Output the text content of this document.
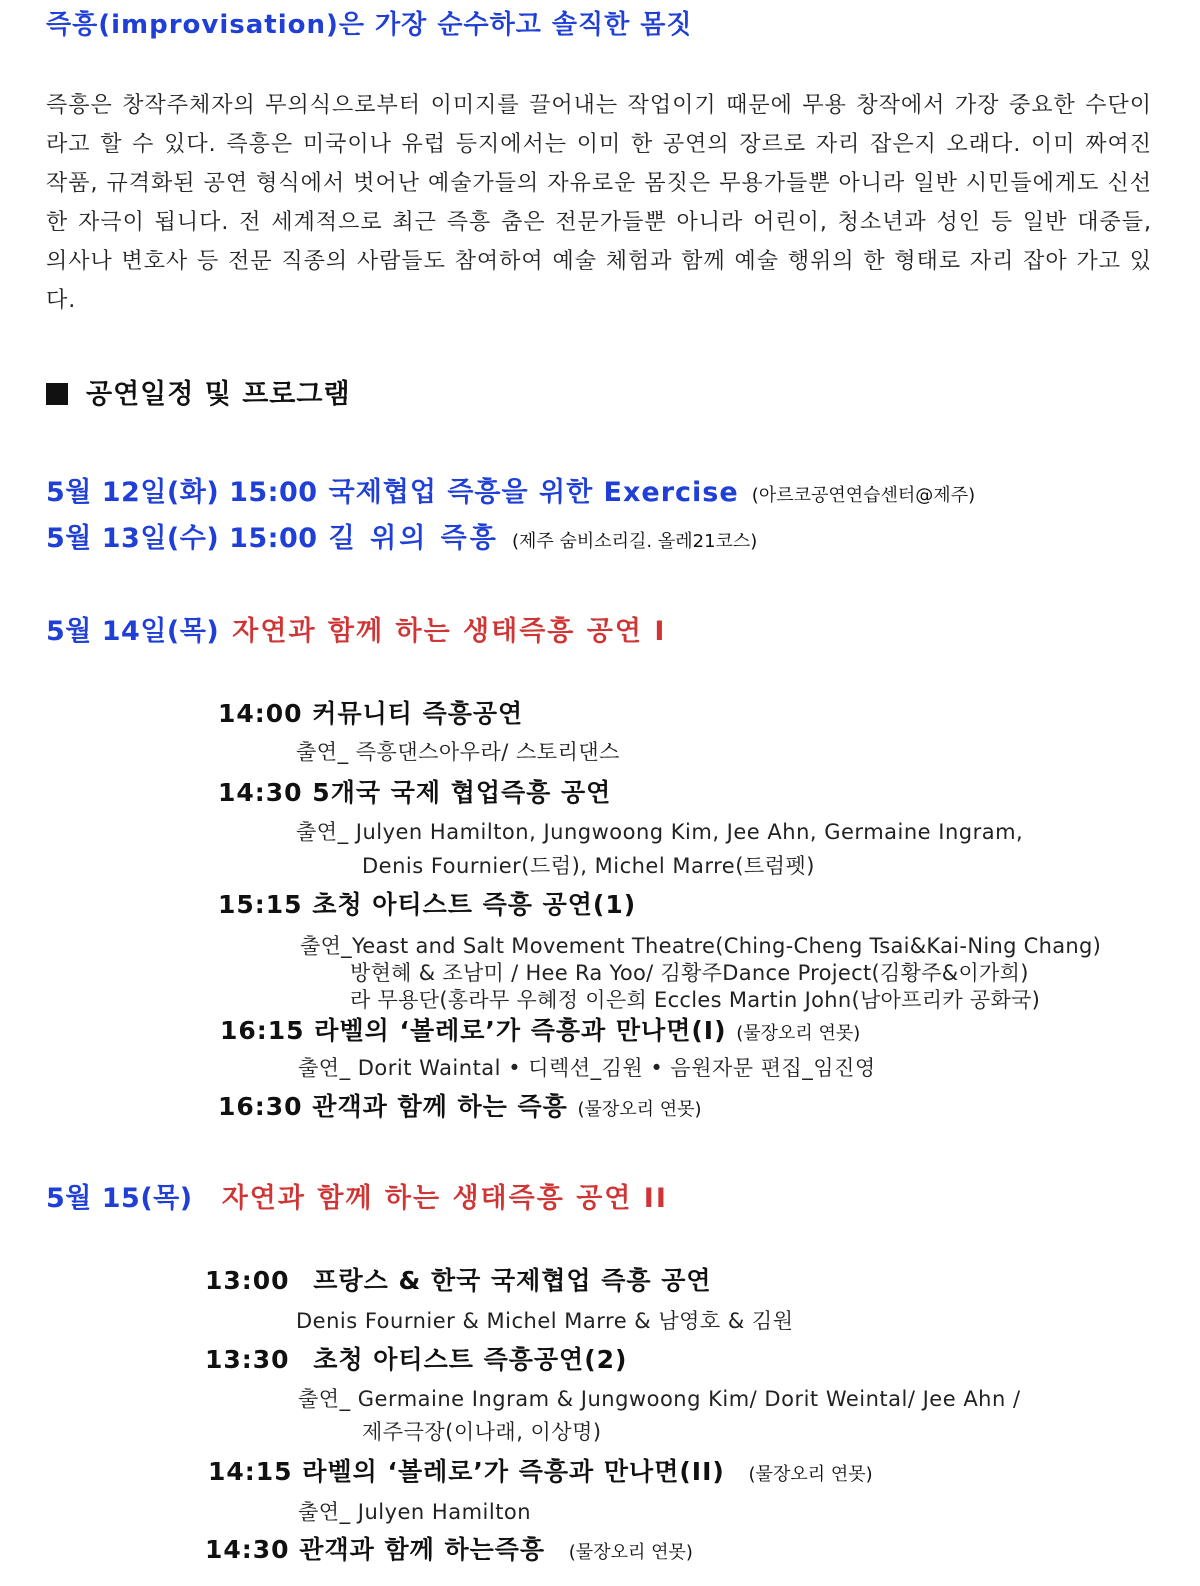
즉흥(improvisation)은 가장 순수하고 솔직한 몸짓
즉흥은 창작주체자의 무의식으로부터 이미지를 끌어내는 작업이기 때문에 무용 창작에서 가장 중요한 수단이라고 할 수 있다. 즉흥은 미국이나 유럽 등지에서는 이미 한 공연의 장르로 자리 잡은지 오래다. 이미 짜여진 작품, 규격화된 공연 형식에서 벗어난 예술가들의 자유로운 몸짓은 무용가들뿐 아니라 일반 시민들에게도 신선한 자극이 됩니다. 전 세계적으로 최근 즉흥 춤은 전문가들뿐 아니라 어린이, 청소년과 성인 등 일반 대중들, 의사나 변호사 등 전문 직종의 사람들도 참여하여 예술 체험과 함께 예술 행위의 한 형태로 자리 잡아 가고 있다.
공연일정 및 프로그램
5월 12일(화) 15:00 국제협업 즉흥을 위한 Exercise (아르코공연연습센터@제주)
5월 13일(수) 15:00 길 위의 즉흥 (제주 숨비소리길. 올레21코스)
5월 14일(목) 자연과 함께 하는 생태즉흥 공연 I
14:00 커뮤니티 즉흥공연
출연_ 즉흥댄스아우라/ 스토리댄스
14:30 5개국 국제 협업즉흥 공연
출연_ Julyen Hamilton, Jungwoong Kim, Jee Ahn, Germaine Ingram,
Denis Fournier(드럼), Michel Marre(트럼펫)
15:15 초청 아티스트 즉흥 공연(1)
출연_Yeast and Salt Movement Theatre(Ching-Cheng Tsai&Kai-Ning Chang)
방현혜 & 조남미 / Hee Ra Yoo/ 김황주Dance Project(김황주&이가희)
라 무용단(홍라무 우혜정 이은희 Eccles Martin John(남아프리카 공화국)
16:15 라벨의 ‘볼레로’가 즉흥과 만나면(I) (물장오리 연못)
출연_ Dorit Waintal • 디렉션_김원 • 음원자문 편집_임진영
16:30 관객과 함께 하는 즉흥 (물장오리 연못)
5월 15(목) 자연과 함께 하는 생태즉흥 공연 II
13:00 프랑스 & 한국 국제협업 즉흥 공연
Denis Fournier & Michel Marre & 남영호 & 김원
13:30 초청 아티스트 즉흥공연(2)
출연_ Germaine Ingram & Jungwoong Kim/ Dorit Weintal/ Jee Ahn /
제주극장(이나래, 이상명)
14:15 라벨의 ‘볼레로’가 즉흥과 만나면(II) (물장오리 연못)
출연_ Julyen Hamilton
14:30 관객과 함께 하는즉흥 (물장오리 연못)
